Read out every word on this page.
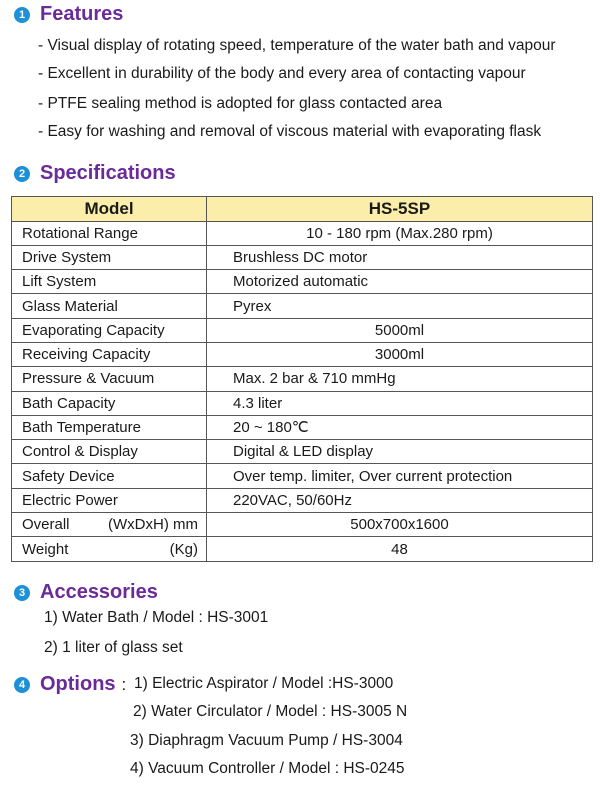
1 Features
- Visual display of rotating speed, temperature of the water bath and vapour
- Excellent in durability of the body and every area of contacting vapour
- PTFE sealing method is adopted for glass contacted area
- Easy for washing and removal of viscous material with evaporating flask
2 Specifications
Model	HS-5SP
Rotational Range	10 - 180 rpm (Max.280 rpm)
Drive System	Brushless DC motor
Lift System	Motorized automatic
Glass Material	Pyrex
Evaporating Capacity	5000ml
Receiving Capacity	3000ml
Pressure & Vacuum	Max. 2 bar & 710 mmHg
Bath Capacity	4.3 liter
Bath Temperature	20 ~ 180℃
Control & Display	Digital & LED display
Safety Device	Over temp. limiter, Over current protection
Electric Power	220VAC, 50/60Hz

Overall (WxDxH) mm	500x700x1600

Weight (Kg)	48
3 Accessories
1) Water Bath / Model : HS-3001
2) 1 liter of glass set
4 Options : 1) Electric Aspirator / Model :HS-3000
2) Water Circulator / Model : HS-3005 N
3) Diaphragm Vacuum Pump / HS-3004
4) Vacuum Controller / Model : HS-0245
